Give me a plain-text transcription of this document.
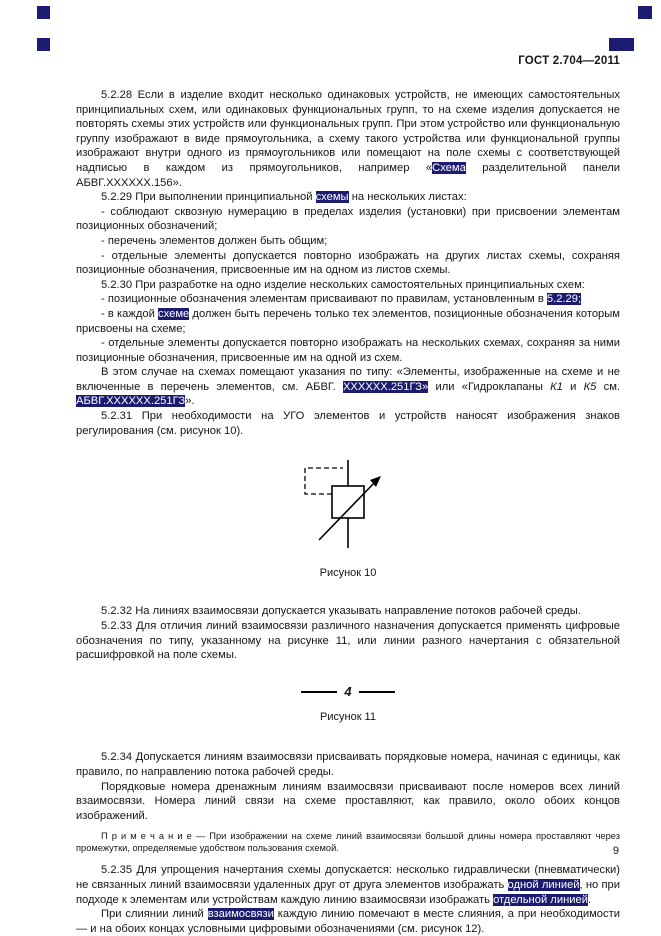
ГОСТ 2.704—2011

5.2.28 Если в изделие входит несколько одинаковых устройств, не имеющих самостоятельных принципиальных схем, или одинаковых функциональных групп, то на схеме изделия допускается не повторять схемы этих устройств или функциональных групп. При этом устройство или функциональную группу изображают в виде прямоугольника, а схему такого устройства или функциональной группы изображают внутри одного из прямоугольников или помещают на поле схемы с соответствующей надписью в каждом из прямоугольников, например «Схема разделительной панели АБВГ.ХХХХХХ.156».

5.2.29 При выполнении принципиальной схемы на нескольких листах:

- соблюдают сквозную нумерацию в пределах изделия (установки) при присвоении элементам позиционных обозначений;

- перечень элементов должен быть общим;

- отдельные элементы допускается повторно изображать на других листах схемы, сохраняя позиционные обозначения, присвоенные им на одном из листов схемы.

5.2.30 При разработке на одно изделие нескольких самостоятельных принципиальных схем:

- позиционные обозначения элементам присваивают по правилам, установленным в 5.2.29;

- в каждой схеме должен быть перечень только тех элементов, позиционные обозначения которым присвоены на схеме;

- отдельные элементы допускается повторно изображать на нескольких схемах, сохраняя за ними позиционные обозначения, присвоенные им на одной из схем.

В этом случае на схемах помещают указания по типу: «Элементы, изображенные на схеме и не включенные в перечень элементов, см. АБВГ. ХХХХХХ.251ГЗ» или «Гидроклапаны К1 и К5 см. АБВГ.ХХХХХХ.251ГЗ».

5.2.31 При необходимости на УГО элементов и устройств наносят изображения знаков регулирования (см. рисунок 10).

Рисунок 10

5.2.32 На линиях взаимосвязи допускается указывать направление потоков рабочей среды.

5.2.33 Для отличия линий взаимосвязи различного назначения допускается применять цифровые обозначения по типу, указанному на рисунке 11, или линии разного начертания с обязательной расшифровкой на поле схемы.

4
Рисунок 11

5.2.34 Допускается линиям взаимосвязи присваивать порядковые номера, начиная с единицы, как правило, по направлению потока рабочей среды.

Порядковые номера дренажным линиям взаимосвязи присваивают после номеров всех линий взаимосвязи. Номера линий связи на схеме проставляют, как правило, около обоих концов изображений.

П р и м е ч а н и е — При изображении на схеме линий взаимосвязи большой длины номера проставляют через промежутки, определяемые удобством пользования схемой.

5.2.35 Для упрощения начертания схемы допускается: несколько гидравлически (пневматически) не связанных линий взаимосвязи удаленных друг от друга элементов изображать одной линией, но при подходе к элементам или устройствам каждую линию взаимосвязи изображать отдельной линией.

При слиянии линий взаимосвязи каждую линию помечают в месте слияния, а при необходимости — и на обоих концах условными цифровыми обозначениями (см. рисунок 12).

9
